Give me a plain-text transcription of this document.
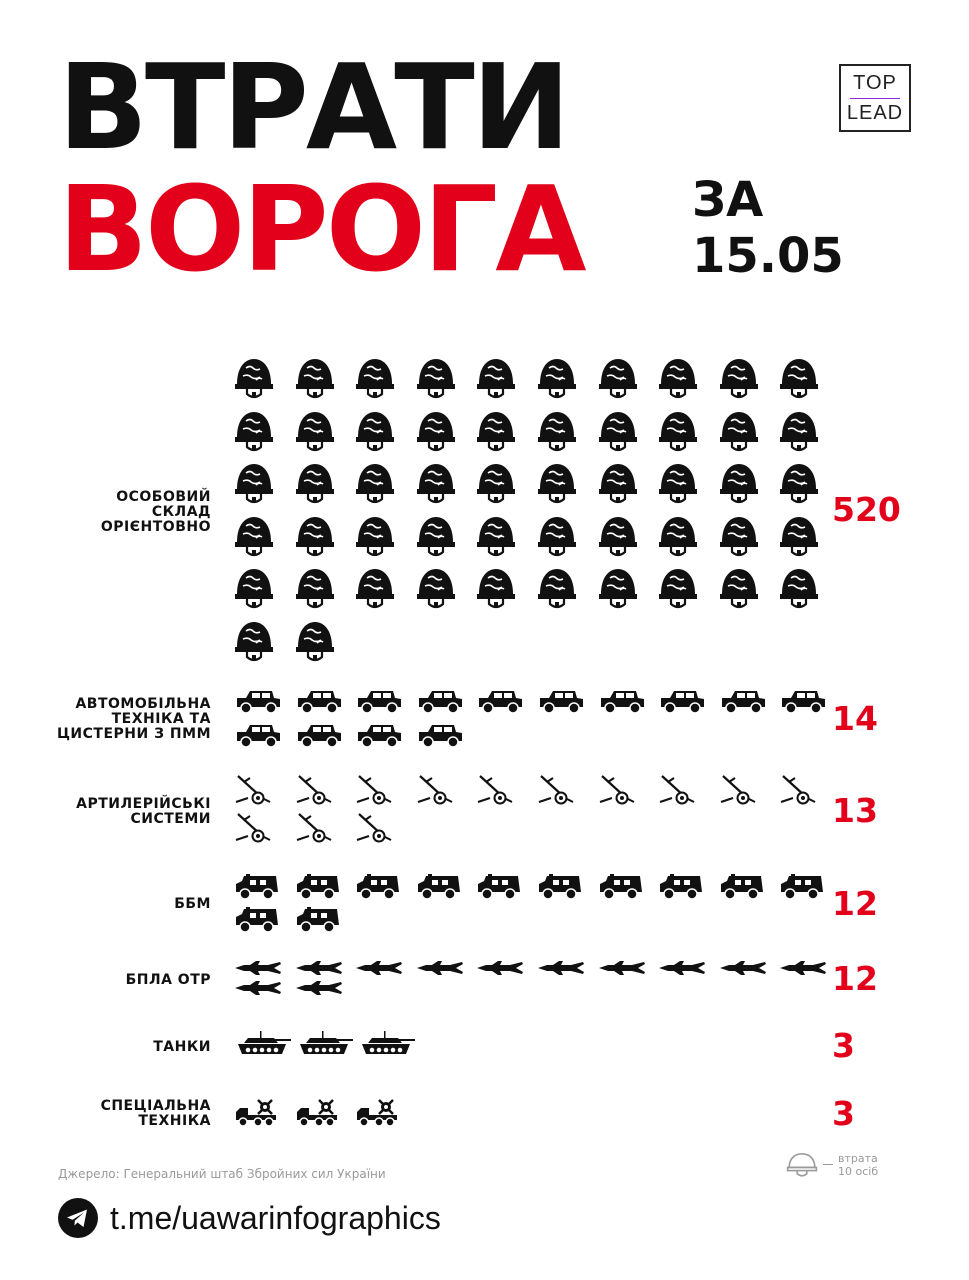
ВТРАТИ
ВОРОГА ЗА
15.05
TOP
LEAD
ОСОБОВИЙ
СКЛАД
ОРІЄНТОВНО	520
АВТОМОБІЛЬНА
ТЕХНІКА ТА
ЦИСТЕРНИ З ПММ	14
АРТИЛЕРІЙСЬКІ
СИСТЕМИ	13
ББМ	12
БПЛА ОТР	12
ТАНКИ	3
СПЕЦІАЛЬНА
ТЕХНІКА	3
Джерело: Генеральний штаб Збройних сил України
втрата
10 осіб
t.me/uawarinfographics
